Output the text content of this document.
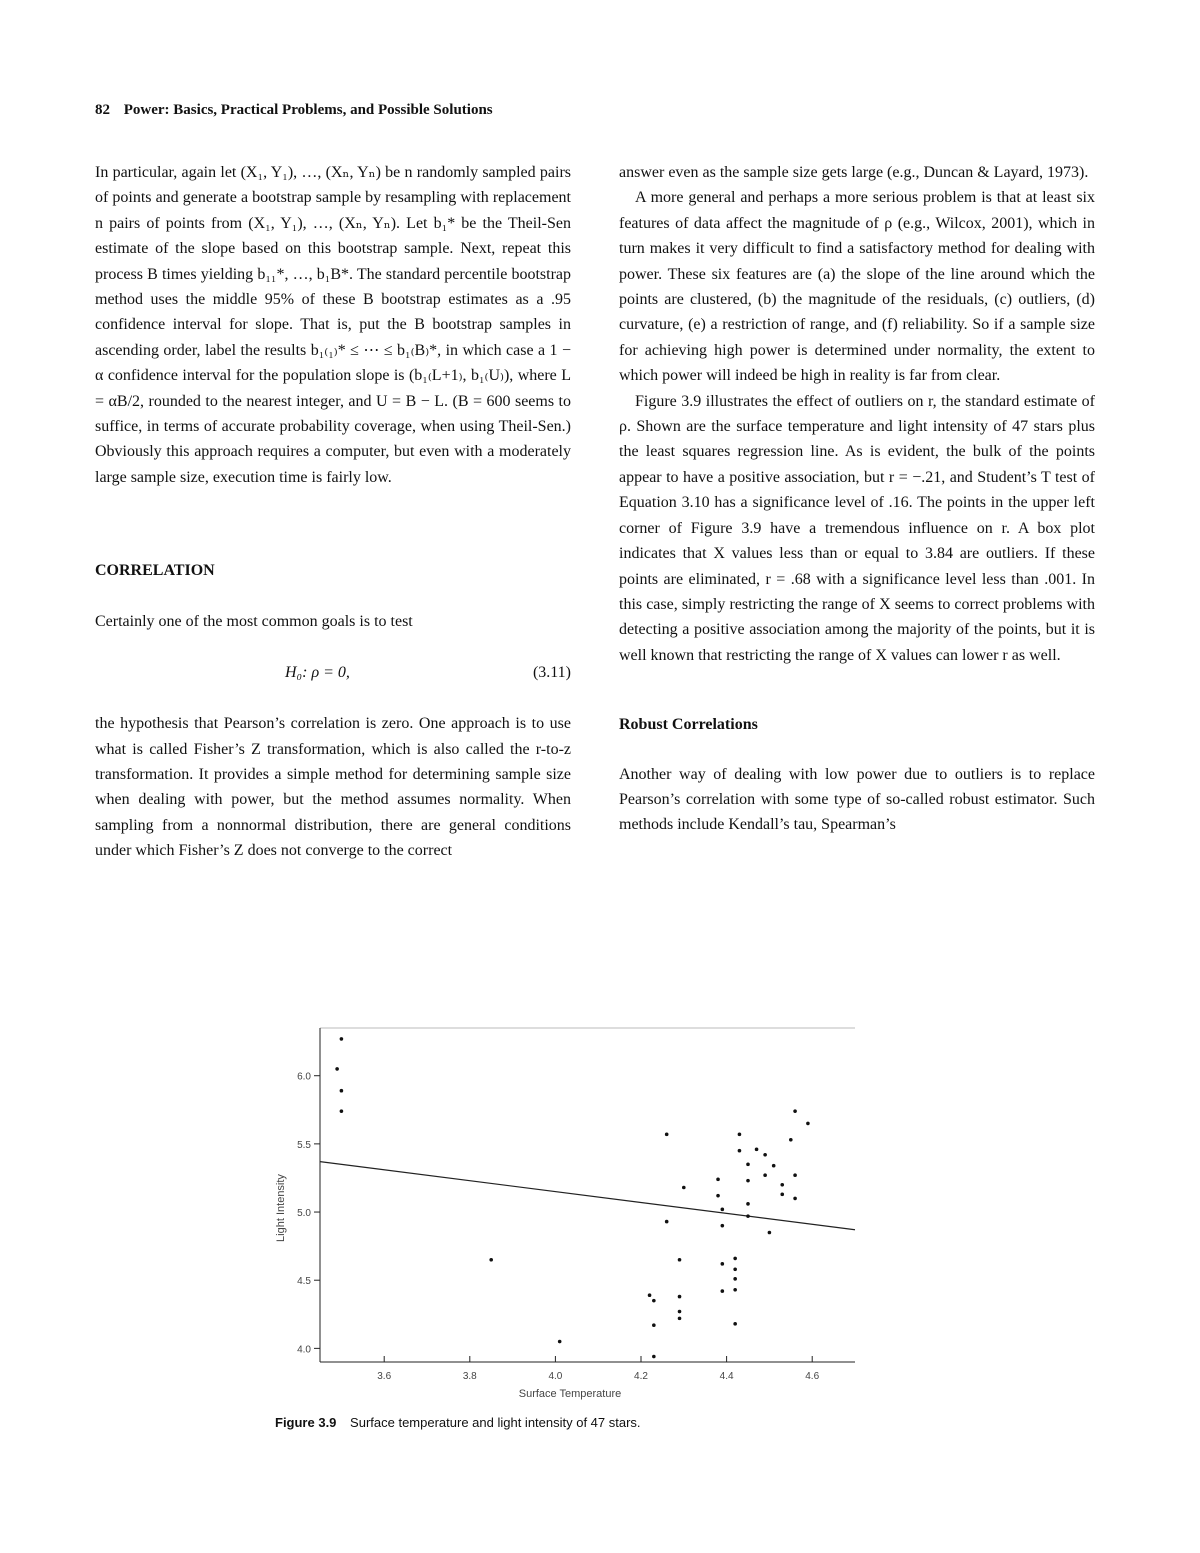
82 Power: Basics, Practical Problems, and Possible Solutions

In particular, again let (X₁, Y₁), …, (Xₙ, Yₙ) be n randomly sampled pairs of points and generate a bootstrap sample by resampling with replacement n pairs of points from (X₁, Y₁), …, (Xₙ, Yₙ). Let b₁* be the Theil-Sen estimate of the slope based on this bootstrap sample. Next, repeat this process B times yielding b₁₁*, …, b₁B*. The standard percentile bootstrap method uses the middle 95% of these B bootstrap estimates as a .95 confidence interval for slope. That is, put the B bootstrap samples in ascending order, label the results b₁₍₁₎* ≤ ⋯ ≤ b₁₍B₎*, in which case a 1 − α confidence interval for the population slope is (b₁₍L+1₎, b₁₍U₎), where L = αB/2, rounded to the nearest integer, and U = B − L. (B = 600 seems to suffice, in terms of accurate probability coverage, when using Theil-Sen.) Obviously this approach requires a computer, but even with a moderately large sample size, execution time is fairly low.

CORRELATION

Certainly one of the most common goals is to test

H₀: ρ = 0,	(3.11)

the hypothesis that Pearson’s correlation is zero. One approach is to use what is called Fisher’s Z transformation, which is also called the r-to-z transformation. It provides a simple method for determining sample size when dealing with power, but the method assumes normality. When sampling from a nonnormal distribution, there are general conditions under which Fisher’s Z does not converge to the correct

answer even as the sample size gets large (e.g., Duncan & Layard, 1973).

A more general and perhaps a more serious problem is that at least six features of data affect the magnitude of ρ (e.g., Wilcox, 2001), which in turn makes it very difficult to find a satisfactory method for dealing with power. These six features are (a) the slope of the line around which the points are clustered, (b) the magnitude of the residuals, (c) outliers, (d) curvature, (e) a restriction of range, and (f) reliability. So if a sample size for achieving high power is determined under normality, the extent to which power will indeed be high in reality is far from clear.

Figure 3.9 illustrates the effect of outliers on r, the standard estimate of ρ. Shown are the surface temperature and light intensity of 47 stars plus the least squares regression line. As is evident, the bulk of the points appear to have a positive association, but r = −.21, and Student’s T test of Equation 3.10 has a significance level of .16. The points in the upper left corner of Figure 3.9 have a tremendous influence on r. A box plot indicates that X values less than or equal to 3.84 are outliers. If these points are eliminated, r = .68 with a significance level less than .001. In this case, simply restricting the range of X seems to correct problems with detecting a positive association among the majority of the points, but it is well known that restricting the range of X values can lower r as well.

Robust Correlations

Another way of dealing with low power due to outliers is to replace Pearson’s correlation with some type of so-called robust estimator. Such methods include Kendall’s tau, Spearman’s

4.0
4.5
5.0
5.5
6.0
3.6	3.8	4.0	4.2	4.4	4.6
Surface Temperature
Light Intensity
Figure 3.9 Surface temperature and light intensity of 47 stars.
